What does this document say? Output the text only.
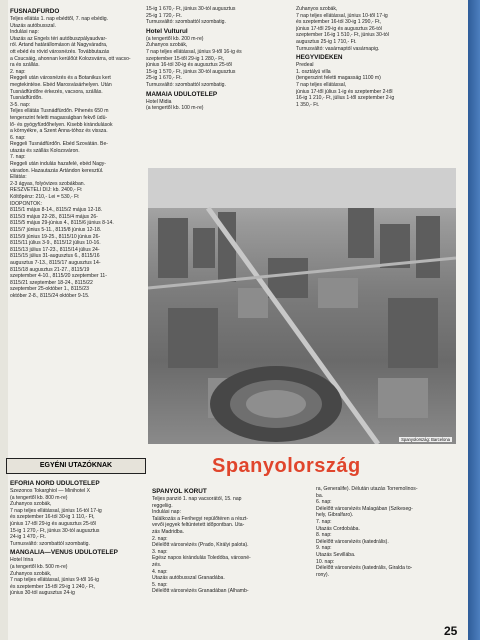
FÜSNADFÜRDŐ

Teljes ellátás 1. nap ebédtől, 7. nap ebédig.

Utazás autóbusszal.

Indulási nap:

Utazás az Engels téri autóbuszpályaudvar-

ról. Ártand határállomáson át Nagyváradra,

ott ebéd és rövid városnézés. Továbbutazás

a Csucsáig, ahonnan kerülőút Kolozsvárra, ott vacso-

ra és szállás.

2. nap:

Reggeli után városnézés és a Botanikus kert

megtekintése. Ebéd Marosvásárhelyen. Után

Tusnádfürdőre érkezés, vacsora, szállás.

Tusnádfürdőn.

3-5. nap:

Teljes ellátás Tusnádfürdőn. Pihenés 650 m

tengerszint feletti magasságban fekvő üdü-

lő- és gyógyfürdőhelyen. Kisebb kirándulások

a környékre, a Szent Anna-tóhoz és vissza.

6. nap:

Reggeli Tusnádfürdőn. Ebéd Szovátán. Be-

utazás és szállás Kolozsváron.

7. nap:

Reggeli után indulás hazafelé, ebéd Nagy-

váradon. Hazautazás Ártándon keresztül.

Ellátás:

2-3 ágyas, folyóvizes szobákban.

RÉSZVÉTELI DÍJ: kb. 2400,- Ft

Költőpénz: 210,- Lei = 530,- Ft

IDŐPONTOK:

8115/1 május 8-14., 8115/2 május 12-18.

8115/3 május 22-28., 8115/4 május 26-

8115/5 május 29-június 4., 8115/6 június 8-14.

8115/7 június 5-11., 8115/8 június 12-18.

8115/9 június 19-25., 8115/10 június 26-

8115/11 július 3-9., 8115/12 július 10-16.

8115/13 július 17-23., 8115/14 július 24-

8115/15 július 31-augusztus 6., 8115/16

augusztus 7-13., 8115/17 augusztus 14-

8115/18 augusztus 21-27., 8115/19

szeptember 4-10., 8115/20 szeptember 11-

8115/21 szeptember 18-24., 8115/22

szeptember 25-október 1., 8115/23

október 2-8., 8115/24 október 9-15.

15-ig 1 670,- Ft, június 30-tól augusztus

25-ig 1 720,- Ft.

Turnusváltó: szombattól szombatig.

Hotel Vulturul

(a tengertől kb. 200 m-re)

Zuhanyos szobák,

7 nap teljes ellátással, június 9-től 16-ig és

szeptember 15-től 29-ig 1 280,- Ft,

június 16-tól 30-ig és augusztus 25-től

15-ig 1 570,- Ft, június 30-tól augusztus

25-ig 1 670,- Ft.

Turnusváltó: szombattól szombatig.

MAMAIA ÜDÜLŐTELEP

Hotel Midia

(a tengertől kb. 100 m-re)

Zuhanyos szobák,

7 nap teljes ellátással, június 10-től 17-ig

és szeptember 16-tól 30-ig 1 290,- Ft,

június 17-től 29-ig és augusztus 26-tól

szeptember 16-ig 1 510,- Ft, június 30-tól

augusztus 25-ig 1 710,- Ft.

Turnusváltó: vasárnaptól vasárnapig.

HEGYVIDÉKEN

Predeal

1. osztályú villa

(tengerszint feletti magasság 1100 m)

7 nap teljes ellátással,

június 17-től július 1-ig és szeptember 2-től

16-ig 1 210,- Ft, július 1-től szeptember 2-ig

1 350,- Ft.

Spanyolország: Barcelona
EGYÉNI UTAZÓKNAK

EFORIA NORD ÜDÜLŐTELEP

Szezonos Tokarghiol — Minihotel X

(a tengertől kb. 800 m-re)

Zuhanyos szobák,

7 nap teljes ellátással, június 16-tól 17-ig

és szeptember 16-tól 30-ig 1 110,- Ft,

június 17-től 29-ig és augusztus 25-től

15-ig 1 270,- Ft, június 30-tól augusztus

24-ig 1 470,- Ft.

Turnusváltó: szombattól szombatig.

MANGALIA—VENUS ÜDÜLŐTELEP

Hotel Irina

(a tengertől kb. 500 m-re)

Zuhanyos szobák,

7 nap teljes ellátással, június 9-től 16-ig

és szeptember 15-től 29-ig 1 240,- Ft,

június 30-tól augusztus 24-ig

Spanyolország

SPANYOL KÖRÚT

Teljes panzió 1. nap vacsorától, 15. nap

reggeliig.

Indulási nap:

Találkozás a Ferihegyi repülőtéren a részt-

vevői jegyek feltüntetett időpontban. Uta-

zás Madridba.

2. nap:

Délelőtt városnézés (Prado, Királyi palota).

3. nap:

Egész napos kirándulás Toledóba, városné-

zés.

4. nap:

Utazás autóbusszal Granadába.

5. nap:

Délelőtt városnézés Granadában (Alhamb-

ra, Generalife). Délután utazás Torremolinos-

ba.

6. nap:

Délelőtt városnézés Malagában (Szikeseg-

hely, Gibralfaro).

7. nap:

Utazás Cordobába.

8. nap:

Délelőtt városnézés (katedrális).

9. nap:

Utazás Sevillába.

10. nap:

Délelőtt városnézés (katedrális, Giralda to-

rony).

25
